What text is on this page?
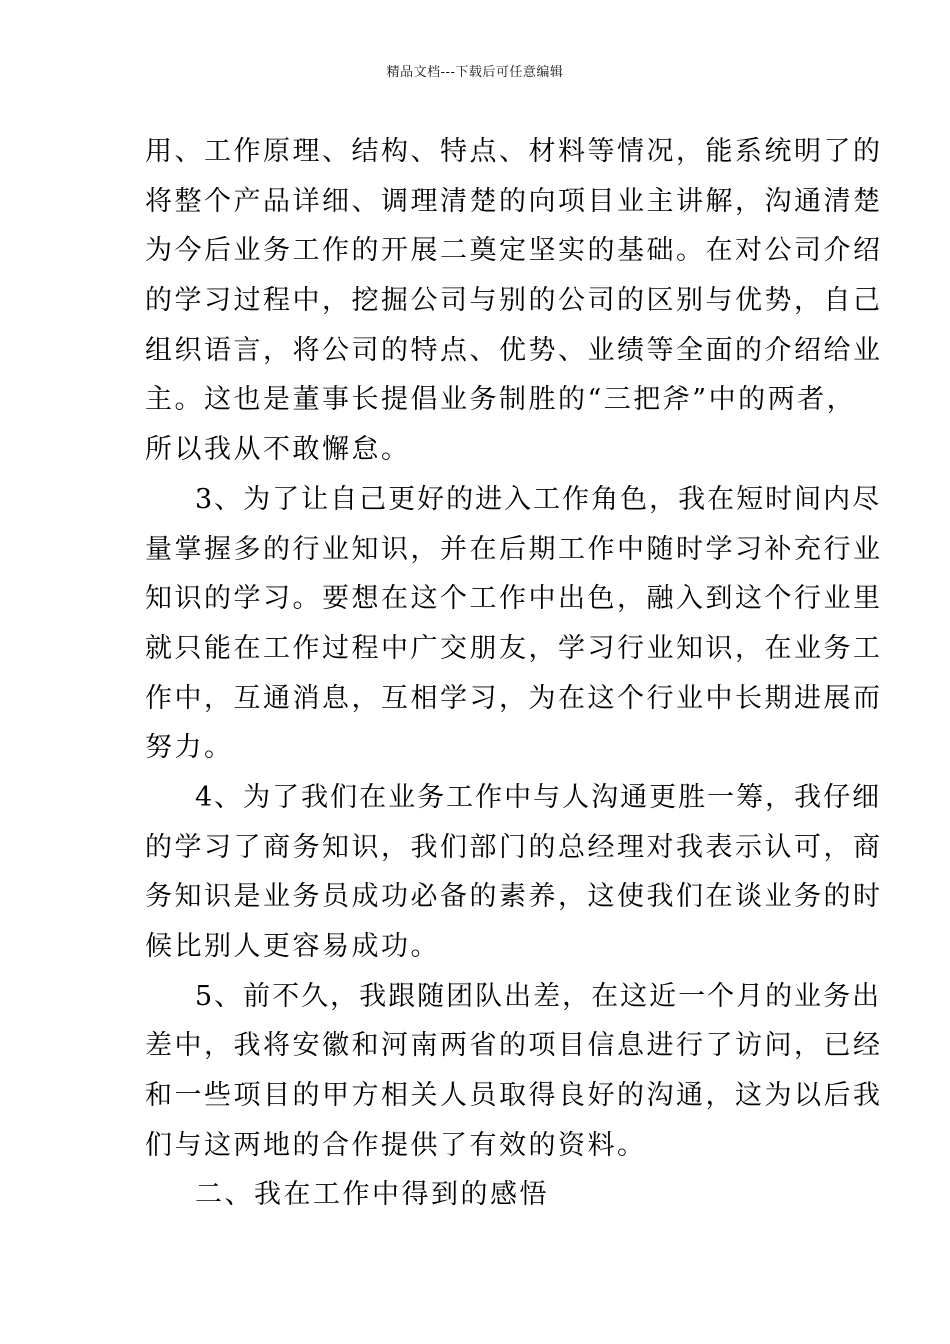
精品文档---下载后可任意编辑
用、工作原理、结构、特点、材料等情况，能系统明了的
将整个产品详细、调理清楚的向项目业主讲解，沟通清楚
为今后业务工作的开展二奠定坚实的基础。在对公司介绍
的学习过程中，挖掘公司与别的公司的区别与优势，自己
组织语言，将公司的特点、优势、业绩等全面的介绍给业
主。这也是董事长提倡业务制胜的“三把斧”中的两者，
所以我从不敢懈怠。
3、为了让自己更好的进入工作角色，我在短时间内尽
量掌握多的行业知识，并在后期工作中随时学习补充行业
知识的学习。要想在这个工作中出色，融入到这个行业里
就只能在工作过程中广交朋友，学习行业知识，在业务工
作中，互通消息，互相学习，为在这个行业中长期进展而
努力。
4、为了我们在业务工作中与人沟通更胜一筹，我仔细
的学习了商务知识，我们部门的总经理对我表示认可，商
务知识是业务员成功必备的素养，这使我们在谈业务的时
候比别人更容易成功。
5、前不久，我跟随团队出差，在这近一个月的业务出
差中，我将安徽和河南两省的项目信息进行了访问，已经
和一些项目的甲方相关人员取得良好的沟通，这为以后我
们与这两地的合作提供了有效的资料。
二、我在工作中得到的感悟
